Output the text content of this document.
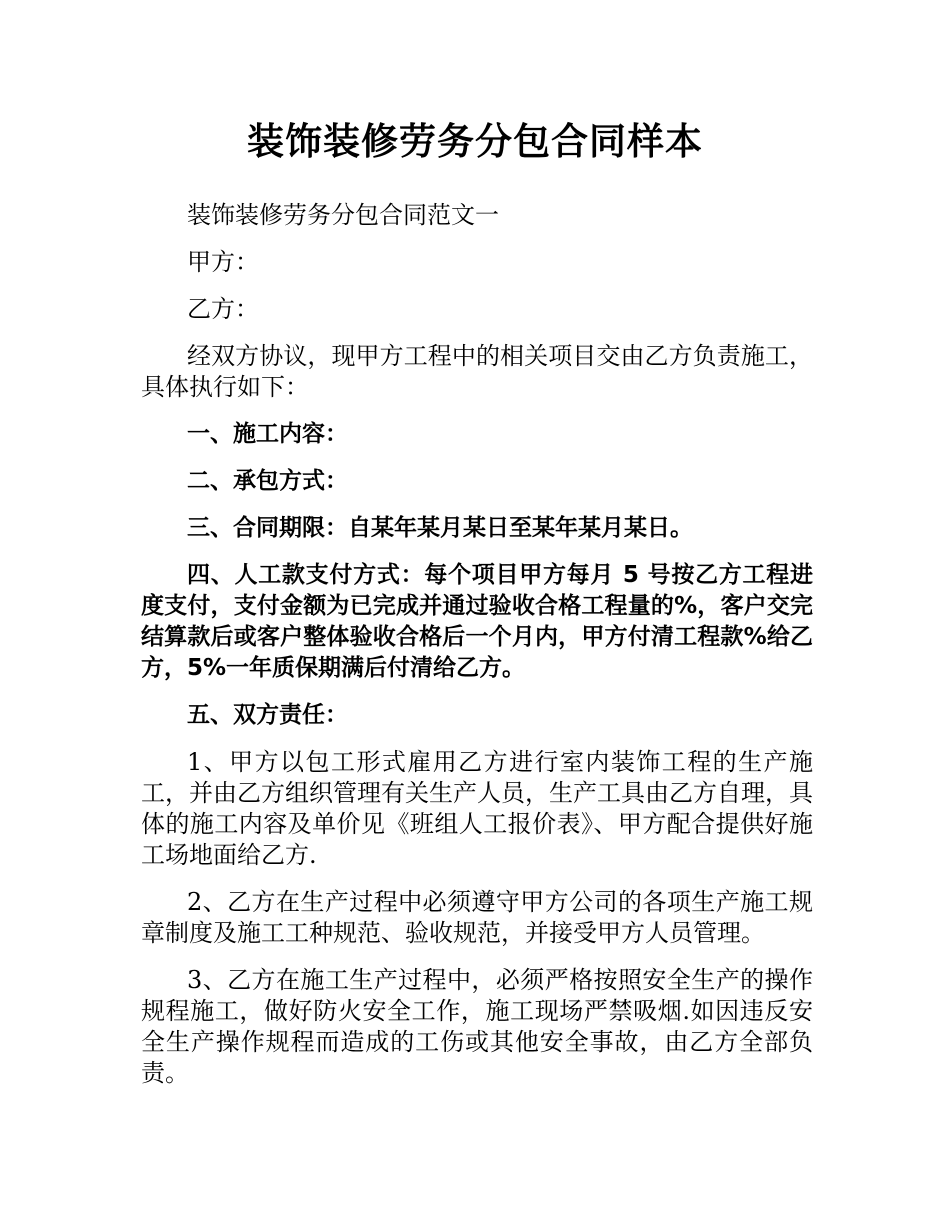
装饰装修劳务分包合同样本

装饰装修劳务分包合同范文一

甲方：

乙方：

经双方协议，现甲方工程中的相关项目交由乙方负责施工，具体执行如下：

一、施工内容：

二、承包方式：

三、合同期限：自某年某月某日至某年某月某日。

四、人工款支付方式：每个项目甲方每月 5 号按乙方工程进度支付，支付金额为已完成并通过验收合格工程量的%，客户交完结算款后或客户整体验收合格后一个月内，甲方付清工程款%给乙方，5%一年质保期满后付清给乙方。

五、双方责任：

1、甲方以包工形式雇用乙方进行室内装饰工程的生产施工，并由乙方组织管理有关生产人员，生产工具由乙方自理，具体的施工内容及单价见《班组人工报价表》、甲方配合提供好施工场地面给乙方.

2、乙方在生产过程中必须遵守甲方公司的各项生产施工规章制度及施工工种规范、验收规范，并接受甲方人员管理。

3、乙方在施工生产过程中，必须严格按照安全生产的操作规程施工，做好防火安全工作，施工现场严禁吸烟.如因违反安全生产操作规程而造成的工伤或其他安全事故，由乙方全部负责。
